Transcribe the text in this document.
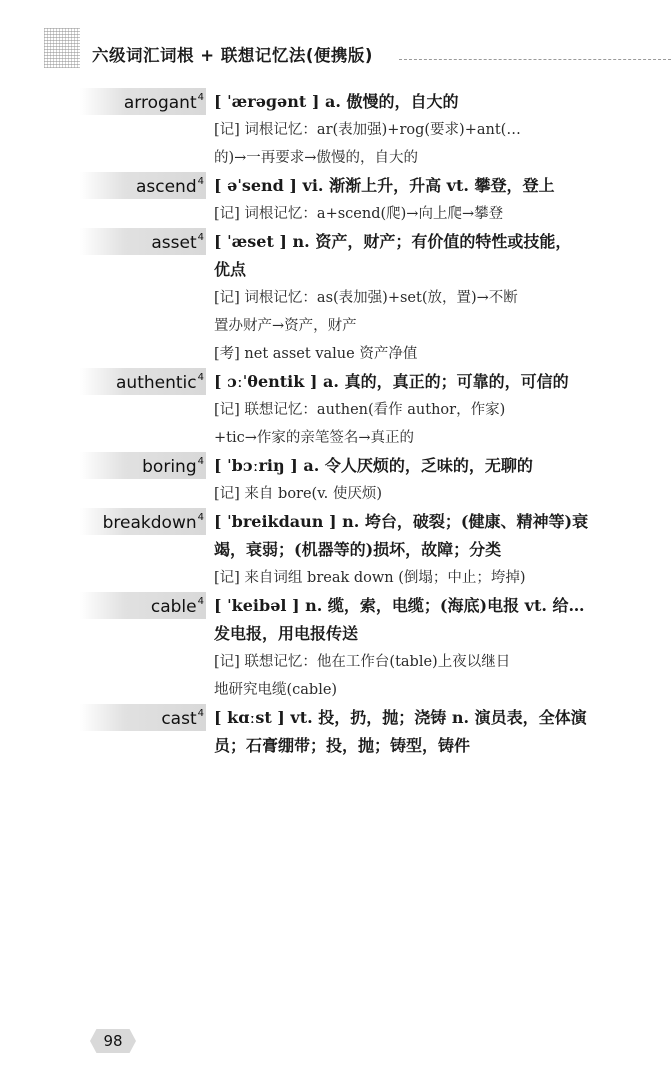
六级词汇词根 + 联想记忆法(便携版)
arrogant$^4$ [ ˈærəɡənt ] a. 傲慢的，自大的
[记] 词根记忆：ar(表加强)+rog(要求)+ant(…
的)→一再要求→傲慢的，自大的
ascend$^4$ [ əˈsend ] vi. 渐渐上升，升高 vt. 攀登，登上
[记] 词根记忆：a+scend(爬)→向上爬→攀登
asset$^4$ [ ˈæset ] n. 资产，财产；有价值的特性或技能，
优点
[记] 词根记忆：as(表加强)+set(放，置)→不断
置办财产→资产，财产
[考] net asset value 资产净值
authentic$^4$ [ ɔːˈθentik ] a. 真的，真正的；可靠的，可信的
[记] 联想记忆：authen(看作 author，作家)
+tic→作家的亲笔签名→真正的
boring$^4$ [ ˈbɔːriŋ ] a. 令人厌烦的，乏味的，无聊的
[记] 来自 bore(v. 使厌烦)
breakdown$^4$ [ ˈbreikdaun ] n. 垮台，破裂；(健康、精神等)衰
竭，衰弱；(机器等的)损坏，故障；分类
[记] 来自词组 break down (倒塌；中止；垮掉)
cable$^4$ [ ˈkeibəl ] n. 缆，索，电缆；(海底)电报 vt. 给…
发电报，用电报传送
[记] 联想记忆：他在工作台(table)上夜以继日
地研究电缆(cable)
cast$^4$ [ kɑːst ] vt. 投，扔，抛；浇铸 n. 演员表，全体演
员；石膏绷带；投，抛；铸型，铸件
98
